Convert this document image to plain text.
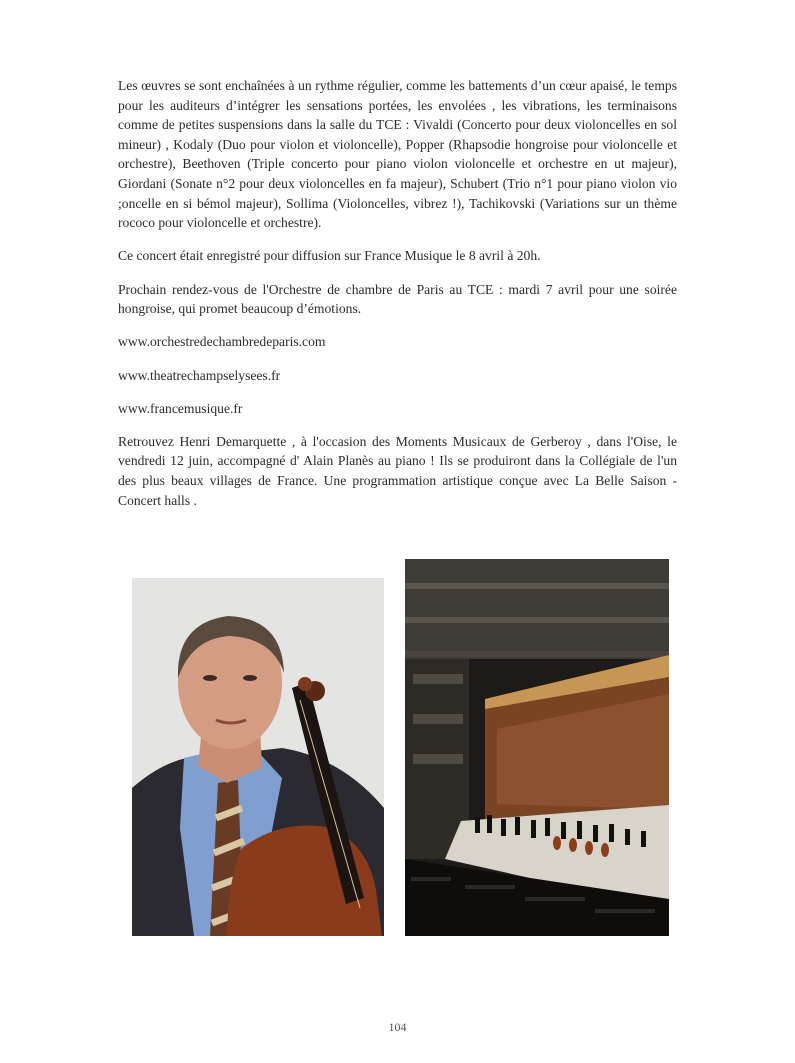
Les œuvres se sont enchaînées à un rythme régulier, comme les battements d’un cœur apaisé, le temps pour les auditeurs d’intégrer les sensations portées, les envolées , les vibrations, les terminaisons comme de petites suspensions dans la salle du TCE : Vivaldi (Concerto pour deux violoncelles en sol mineur) , Kodaly (Duo pour violon et violoncelle), Popper (Rhapsodie hongroise pour violoncelle et orchestre), Beethoven (Triple concerto pour piano violon violoncelle et orchestre en ut majeur), Giordani (Sonate n°2 pour deux violoncelles en fa majeur), Schubert (Trio n°1 pour piano violon vio ;oncelle en si bémol majeur), Sollima (Violoncelles, vibrez !), Tachikovski (Variations sur un thème rococo pour violoncelle et orchestre).

Ce concert était enregistré pour diffusion sur France Musique le 8 avril à 20h.

Prochain rendez-vous de l'Orchestre de chambre de Paris au TCE : mardi 7 avril pour une soirée hongroise, qui promet beaucoup d’émotions.

www.orchestredechambredeparis.com

www.theatrechampselysees.fr

www.francemusique.fr

Retrouvez Henri Demarquette , à l'occasion des Moments Musicaux de Gerberoy , dans l'Oise, le vendredi 12 juin, accompagné d' Alain Planès au piano ! Ils se produiront dans la Collégiale de l'un des plus beaux villages de France. Une programmation artistique conçue avec La Belle Saison - Concert halls .

104
